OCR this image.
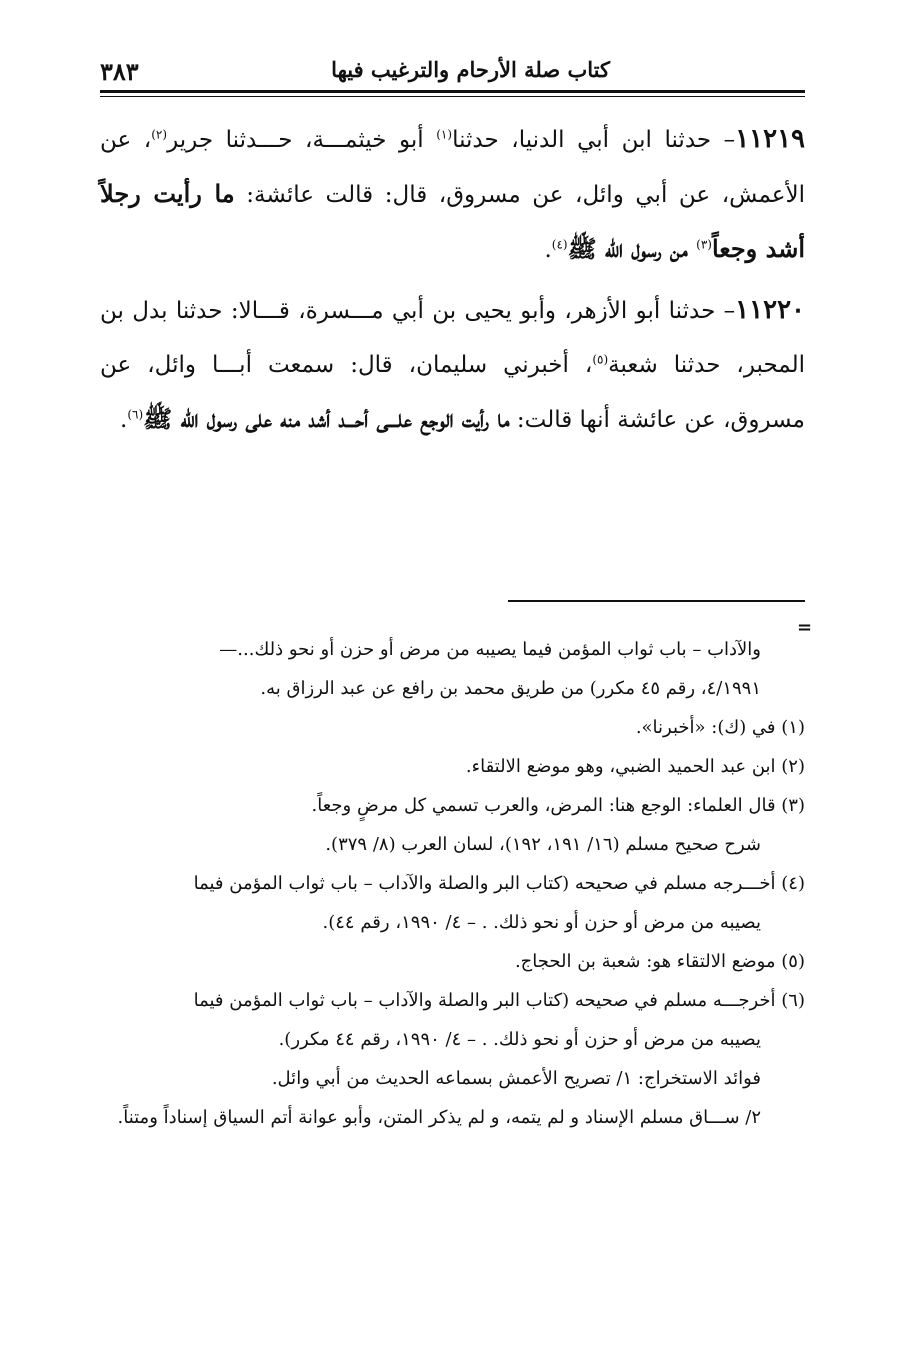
كتاب صلة الأرحام والترغيب فيها
٣٨٣

١١٢١٩– حدثنا ابن أبي الدنيا، حدثنا$^{(١)}$ أبو خيثمـــة، حـــدثنا جرير$^{(٢)}$، عن الأعمش، عن أبي وائل، عن مسروق، قال: قالت عائشة: ما رأيت رجلاً أشد وجعاً$^{(٣)}$ من رسول الله ﷺ$^{(٤)}$.

١١٢٢٠– حدثنا أبو الأزهر، وأبو يحيى بن أبي مـــسرة، قـــالا: حدثنا بدل بن المحبر، حدثنا شعبة$^{(٥)}$، أخبرني سليمان، قال: سمعت أبـــا وائل، عن مسروق، عن عائشة أنها قالت: ما رأيت الوجع علـــى أحـــد أشد منه على رسول الله ﷺ$^{(٦)}$.

=

والآداب – باب ثواب المؤمن فيما يصيبه من مرض أو حزن أو نحو ذلك...—

٤/١٩٩١، رقم ٤٥ مكرر) من طريق محمد بن رافع عن عبد الرزاق به.

(١) في (ك): «أخبرنا».

(٢) ابن عبد الحميد الضبي، وهو موضع الالتقاء.

(٣) قال العلماء: الوجع هنا: المرض، والعرب تسمي كل مرضٍ وجعاً.

شرح صحيح مسلم (١٦/ ١٩١، ١٩٢)، لسان العرب (٨/ ٣٧٩).

(٤) أخـــرجه مسلم في صحيحه (كتاب البر والصلة والآداب – باب ثواب المؤمن فيما

يصيبه من مرض أو حزن أو نحو ذلك. . – ٤/ ١٩٩٠، رقم ٤٤).

(٥) موضع الالتقاء هو: شعبة بن الحجاج.

(٦) أخرجـــه مسلم في صحيحه (كتاب البر والصلة والآداب – باب ثواب المؤمن فيما

يصيبه من مرض أو حزن أو نحو ذلك. . – ٤/ ١٩٩٠، رقم ٤٤ مكرر).

فوائد الاستخراج: ١/ تصريح الأعمش بسماعه الحديث من أبي وائل.

٢/ ســـاق مسلم الإسناد و لم يتمه، و لم يذكر المتن، وأبو عوانة أتم السياق إسناداً ومتناً.
